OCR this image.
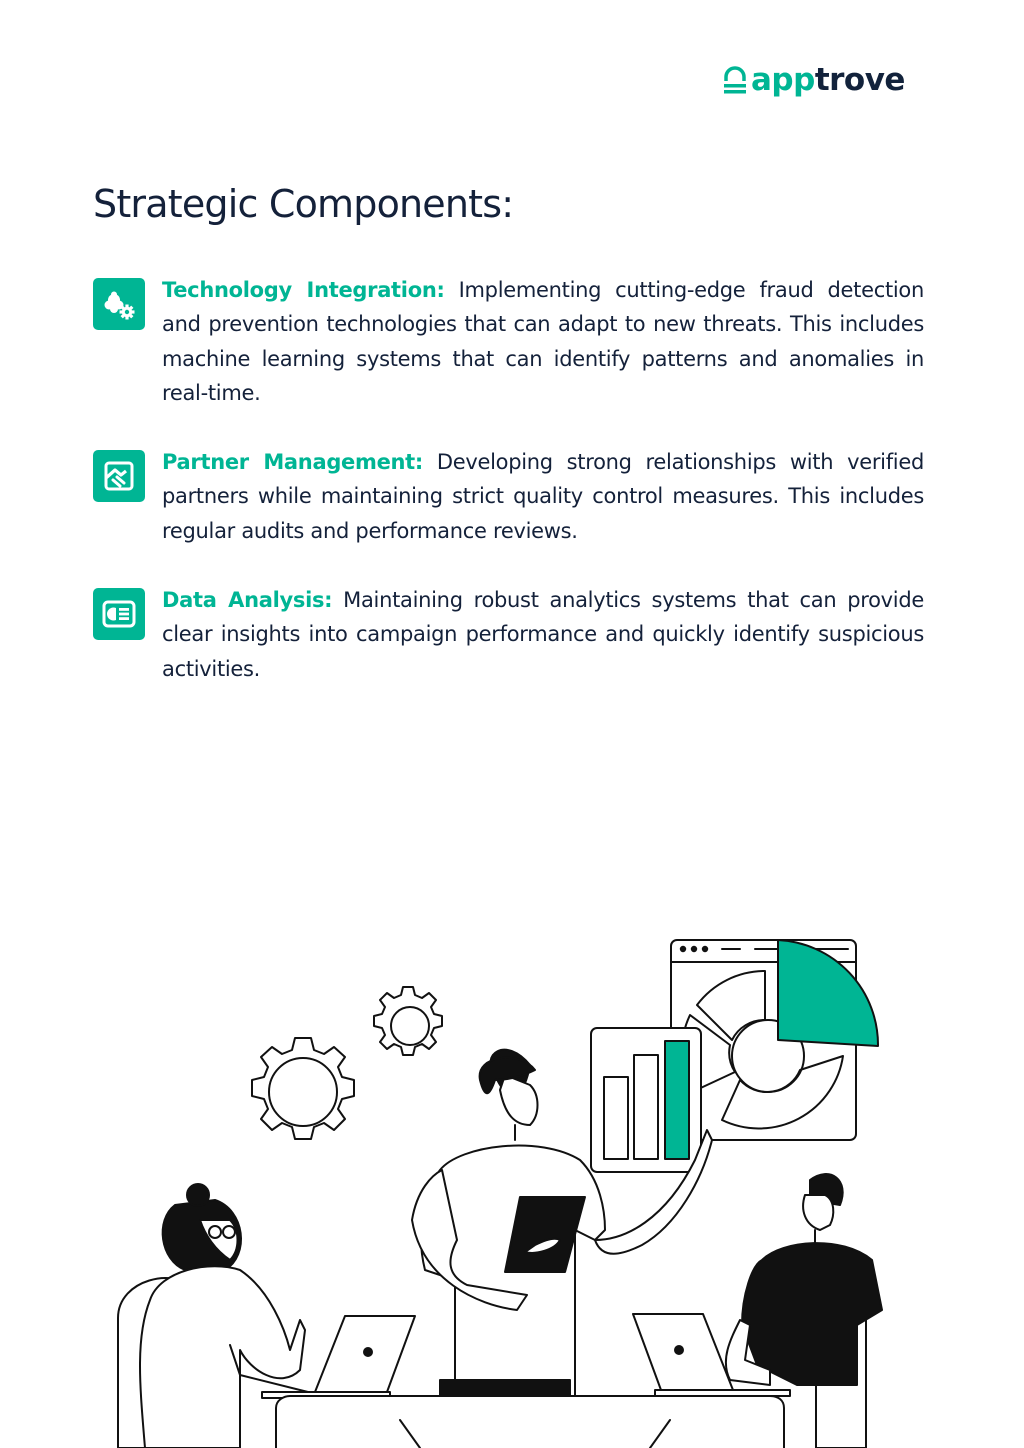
apptrove
Strategic Components:

Technology Integration: Implementing cutting-edge fraud detection and prevention technologies that can adapt to new threats. This includes machine learning systems that can identify patterns and anomalies in real-time.

Partner Management: Developing strong relationships with verified partners while maintaining strict quality control measures. This includes regular audits and performance reviews.

Data Analysis: Maintaining robust analytics systems that can provide clear insights into campaign performance and quickly identify suspicious activities.
